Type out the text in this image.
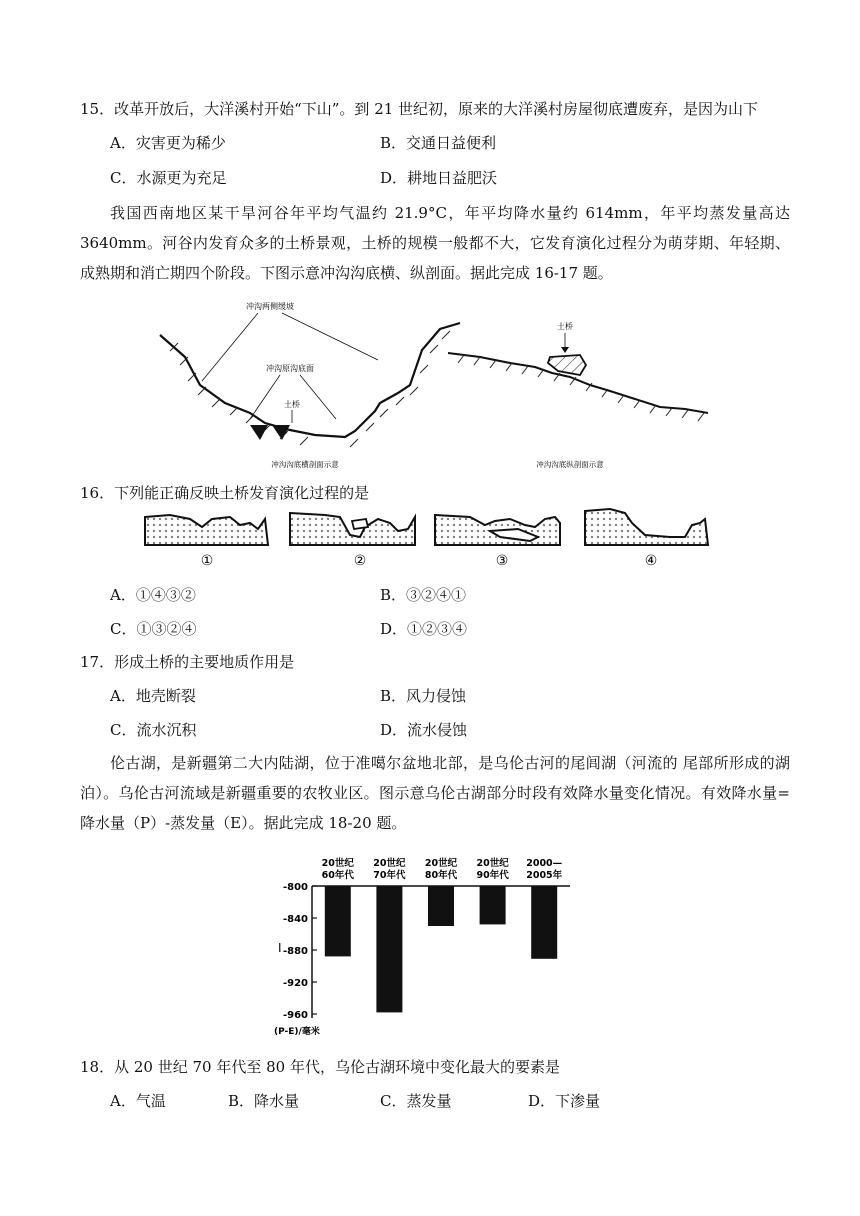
15．改革开放后，大洋溪村开始“下山”。到 21 世纪初，原来的大洋溪村房屋彻底遭废弃，是因为山下
A．灾害更为稀少	B．交通日益便利
C．水源更为充足	D．耕地日益肥沃
我国西南地区某干旱河谷年平均气温约 21.9°C，年平均降水量约 614mm，年平均蒸发量高达 3640mm。河谷内发育众多的土桥景观，土桥的规模一般都不大，它发育演化过程分为萌芽期、年轻期、成熟期和消亡期四个阶段。下图示意冲沟沟底横、纵剖面。据此完成 16-17 题。
冲沟两侧缓坡
冲沟原沟底面
土桥
冲沟沟底横剖面示意
土桥
冲沟沟底纵剖面示意
16．下列能正确反映土桥发育演化过程的是
①	②	③	④
A．①④③②	B．③②④①
C．①③②④	D．①②③④
17．形成土桥的主要地质作用是
A．地壳断裂	B．风力侵蚀
C．流水沉积	D．流水侵蚀
伦古湖，是新疆第二大内陆湖，位于准噶尔盆地北部，是乌伦古河的尾闾湖（河流的 尾部所形成的湖泊）。乌伦古河流域是新疆重要的农牧业区。图示意乌伦古湖部分时段有效降水量变化情况。有效降水量=降水量（P）-蒸发量（E）。据此完成 18-20 题。
-800
-840
-880
-920
-960
20世纪
60年代
20世纪
70年代
20世纪
80年代
20世纪
90年代
2000—
2005年
I
(P-E)/毫米
18．从 20 世纪 70 年代至 80 年代，乌伦古湖环境中变化最大的要素是
A．气温	B．降水量	C．蒸发量	D．下渗量
